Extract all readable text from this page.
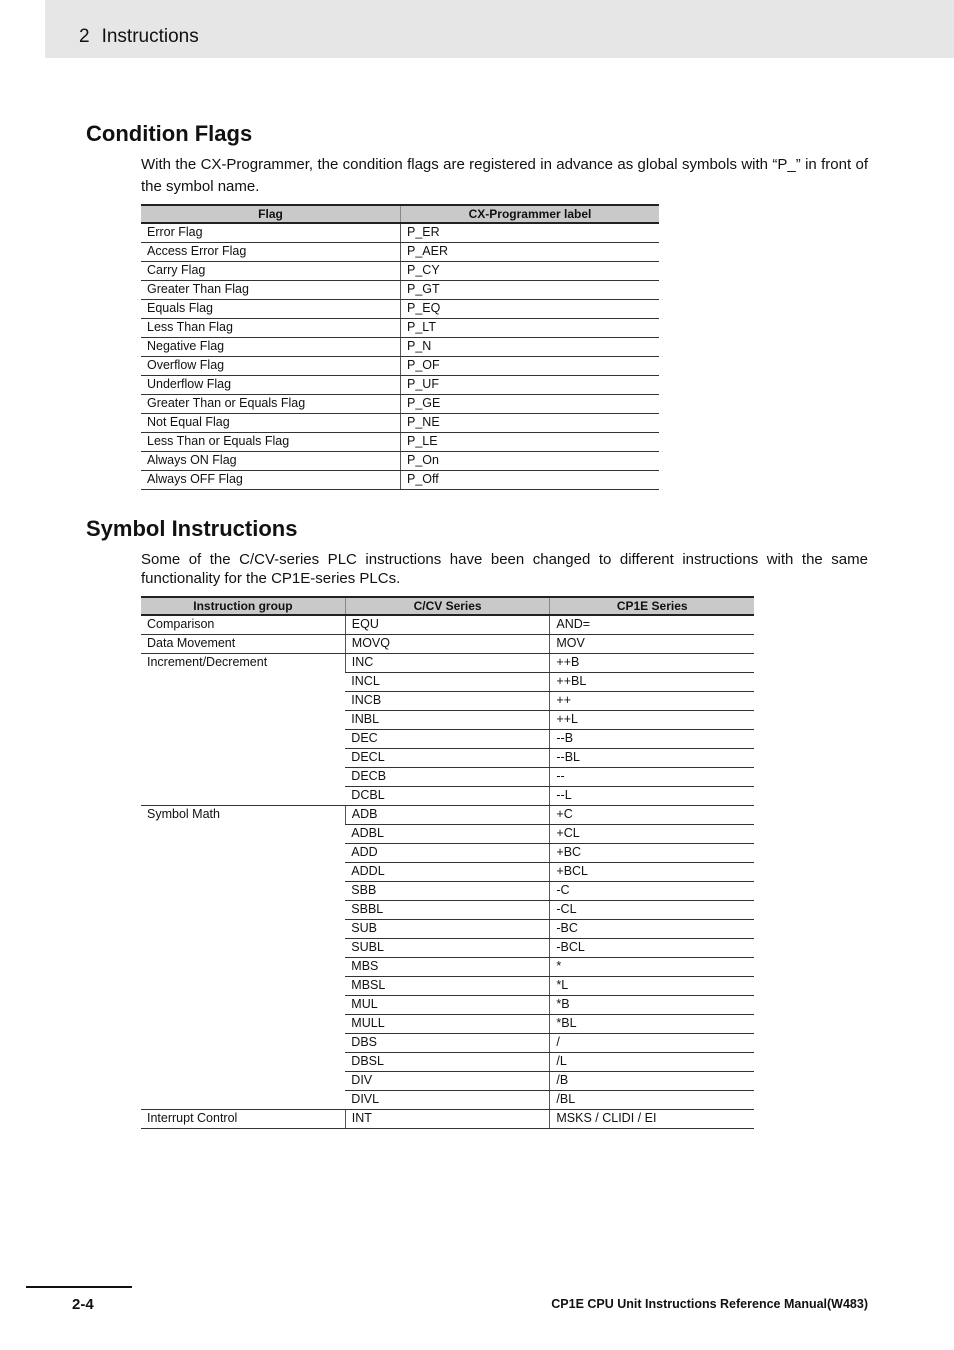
2 Instructions
Condition Flags

With the CX-Programmer, the condition flags are registered in advance as global symbols with “P_” in front of the symbol name.

Flag	CX-Programmer label
Error Flag	P_ER
Access Error Flag	P_AER
Carry Flag	P_CY
Greater Than Flag	P_GT
Equals Flag	P_EQ
Less Than Flag	P_LT
Negative Flag	P_N
Overflow Flag	P_OF
Underflow Flag	P_UF
Greater Than or Equals Flag	P_GE
Not Equal Flag	P_NE
Less Than or Equals Flag	P_LE
Always ON Flag	P_On
Always OFF Flag	P_Off
Symbol Instructions

Some of the C/CV-series PLC instructions have been changed to different instructions with the same functionality for the CP1E-series PLCs.

Instruction group	C/CV Series	CP1E Series
Comparison	EQU	AND=
Data Movement	MOVQ	MOV
Increment/Decrement	INC	++B
	INCL	++BL
	INCB	++
	INBL	++L
	DEC	--B
	DECL	--BL
	DECB	--
	DCBL	--L
Symbol Math	ADB	+C
	ADBL	+CL
	ADD	+BC
	ADDL	+BCL
	SBB	-C
	SBBL	-CL
	SUB	-BC
	SUBL	-BCL
	MBS	*
	MBSL	*L
	MUL	*B
	MULL	*BL
	DBS	/
	DBSL	/L
	DIV	/B
	DIVL	/BL
Interrupt Control	INT	MSKS / CLIDI / EI
2-4	CP1E CPU Unit Instructions Reference Manual(W483)
